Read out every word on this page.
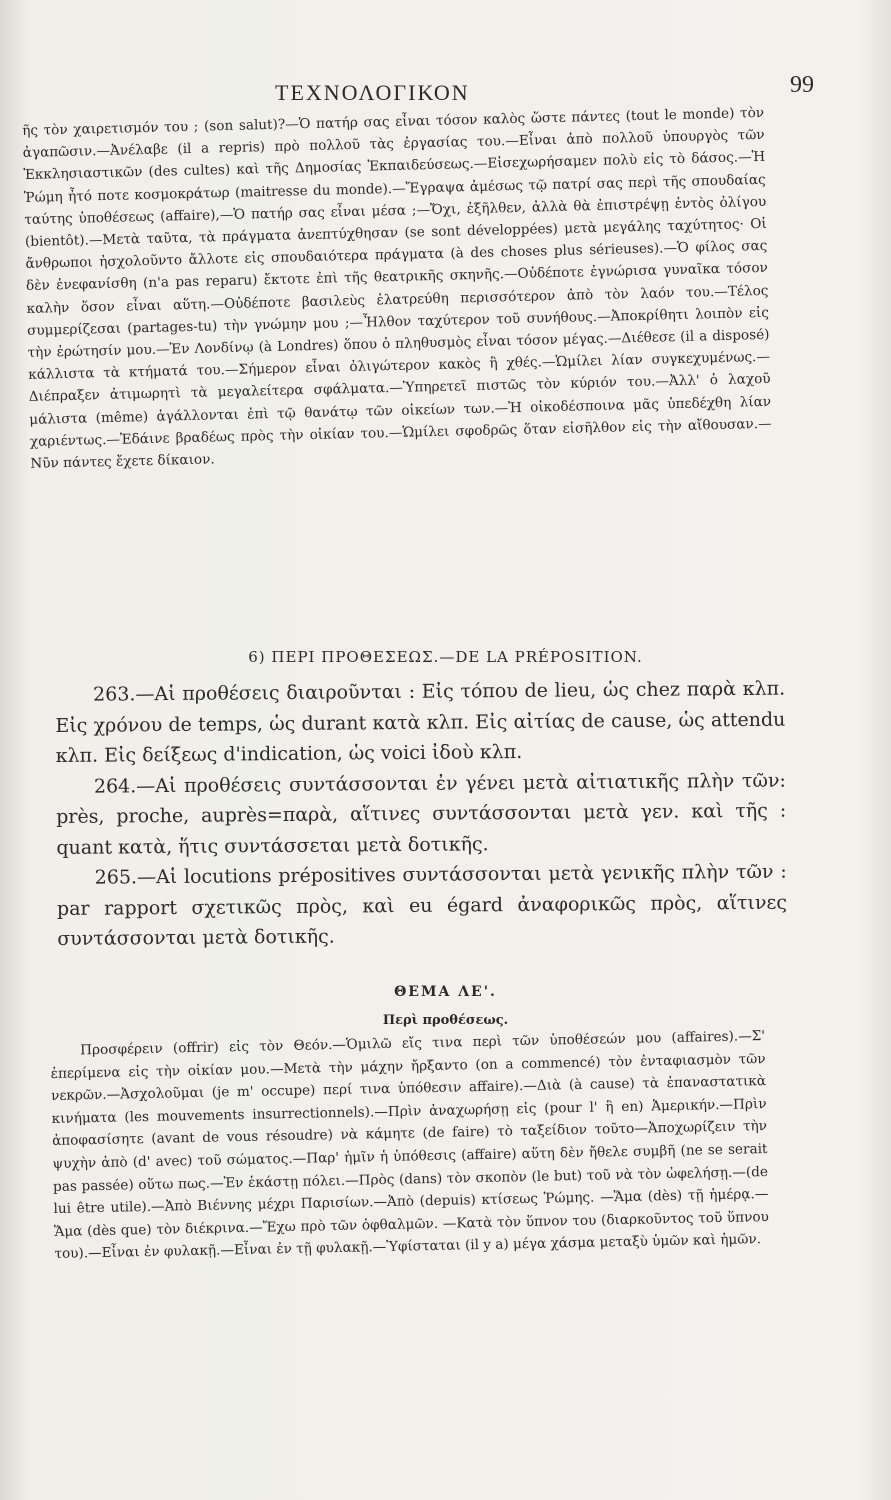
ΤΕΧΝΟΛΟΓΙΚΟΝ	99

ῆς τὸν χαιρετισμόν του ; (son salut)?—Ὁ πατήρ σας εἶναι τόσον καλὸς ὥστε πάντες (tout le monde) τὸν ἀγαπῶσιν.—Ἀνέλαβε (il a repris) πρὸ πολλοῦ τὰς ἐργασίας του.—Εἶναι ἀπὸ πολλοῦ ὑπουργὸς τῶν Ἐκκλησιαστικῶν (des cultes) καὶ τῆς Δημοσίας Ἐκπαιδεύσεως.—Εἰσεχωρήσαμεν πολὺ εἰς τὸ δάσος.—Ἡ Ῥώμη ἦτό ποτε κοσμοκράτωρ (maitresse du monde).—Ἔγραψα ἀμέσως τῷ πατρί σας περὶ τῆς σπουδαίας ταύτης ὑποθέσεως (affaire),—Ὁ πατήρ σας εἶναι μέσα ;—Ὄχι, ἐξῆλθεν, ἀλλὰ θὰ ἐπιστρέψῃ ἐντὸς ὀλίγου (bientôt).—Μετὰ ταῦτα, τὰ πράγματα ἀνεπτύχθησαν (se sont développées) μετὰ μεγάλης ταχύτητος· Οἱ ἄνθρωποι ἠσχολοῦντο ἄλλοτε εἰς σπουδαιότερα πράγματα (à des choses plus sérieuses).—Ὁ φίλος σας δὲν ἐνεφανίσθη (n'a pas reparu) ἔκτοτε ἐπὶ τῆς θεατρικῆς σκηνῆς.—Οὐδέποτε ἐγνώρισα γυναῖκα τόσον καλὴν ὅσον εἶναι αὕτη.—Οὐδέποτε βασιλεὺς ἐλατρεύθη περισσότερον ἀπὸ τὸν λαόν του.—Τέλος συμμερίζεσαι (partages-tu) τὴν γνώμην μου ;—Ἦλθον ταχύτερον τοῦ συνήθους.—Ἀποκρίθητι λοιπὸν εἰς τὴν ἐρώτησίν μου.—Ἐν Λονδίνῳ (à Londres) ὅπου ὁ πληθυσμὸς εἶναι τόσον μέγας.—Διέθεσε (il a disposé) κάλλιστα τὰ κτήματά του.—Σήμερον εἶναι ὀλιγώτερον κακὸς ἢ χθές.—Ὡμίλει λίαν συγκεχυμένως.—Διέπραξεν ἀτιμωρητὶ τὰ μεγαλείτερα σφάλματα.—Ὑπηρετεῖ πιστῶς τὸν κύριόν του.—Ἀλλ' ὁ λαχοῦ μάλιστα (même) ἀγάλλονται ἐπὶ τῷ θανάτῳ τῶν οἰκείων των.—Ἡ οἰκοδέσποινα μᾶς ὑπεδέχθη λίαν χαριέντως.—Ἐδάινε βραδέως πρὸς τὴν οἰκίαν του.—Ὡμίλει σφοδρῶς ὅταν εἰσῆλθον εἰς τὴν αἴθουσαν.—Νῦν πάντες ἔχετε δίκαιον.

6) ΠΕΡΙ ΠΡΟΘΕΣΕΩΣ.—DE LA PRÉPOSITION.

263.—Αἱ προθέσεις διαιροῦνται : Εἰς τόπου de lieu, ὡς chez παρὰ κλπ. Εἰς χρόνου de temps, ὡς durant κατὰ κλπ. Εἰς αἰτίας de cause, ὡς attendu κλπ. Εἰς δείξεως d'indication, ὡς voici ἰδοὺ κλπ.

264.—Αἱ προθέσεις συντάσσονται ἐν γένει μετὰ αἰτιατικῆς πλὴν τῶν: près, proche, auprès=παρὰ, αἵτινες συντάσσονται μετὰ γεν. καὶ τῆς : quant κατὰ, ἥτις συντάσσεται μετὰ δοτικῆς.

265.—Αἱ locutions prépositives συντάσσονται μετὰ γενικῆς πλὴν τῶν : par rapport σχετικῶς πρὸς, καὶ eu égard ἀναφορικῶς πρὸς, αἵτινες συντάσσονται μετὰ δοτικῆς.

ΘΕΜΑ ΛΕ'.
Περὶ προθέσεως.

Προσφέρειν (offrir) εἰς τὸν Θεόν.—Ὁμιλῶ εἴς τινα περὶ τῶν ὑποθέσεών μου (affaires).—Σ' ἐπερίμενα εἰς τὴν οἰκίαν μου.—Μετὰ τὴν μάχην ἤρξαντο (on a commencé) τὸν ἐνταφιασμὸν τῶν νεκρῶν.—Ἀσχολοῦμαι (je m' occupe) περί τινα ὑπόθεσιν affaire).—Διὰ (à cause) τὰ ἐπαναστατικὰ κινήματα (les mouvements insurrectionnels).—Πρὶν ἀναχωρήσῃ εἰς (pour l' ἢ en) Ἀμερικήν.—Πρὶν ἀποφασίσητε (avant de vous résoudre) νὰ κάμητε (de faire) τὸ ταξείδιον τοῦτο—Ἀποχωρίζειν τὴν ψυχὴν ἀπὸ (d' avec) τοῦ σώματος.—Παρ' ἡμῖν ἡ ὑπόθεσις (affaire) αὕτη δὲν ἤθελε συμβῆ (ne se serait pas passée) οὕτω πως.—Ἐν ἑκάστῃ πόλει.—Πρὸς (dans) τὸν σκοπὸν (le but) τοῦ νὰ τὸν ὠφελήσῃ.—(de lui être utile).—Ἀπὸ Βιέννης μέχρι Παρισίων.—Ἀπὸ (depuis) κτίσεως Ῥώμης. —Ἅμα (dès) τῇ ἡμέρᾳ.—Ἅμα (dès que) τὸν διέκρινα.—Ἔχω πρὸ τῶν ὀφθαλμῶν. —Κατὰ τὸν ὕπνον του (διαρκοῦντος τοῦ ὕπνου του).—Εἶναι ἐν φυλακῇ.—Εἶναι ἐν τῇ φυλακῇ.—Ὑφίσταται (il y a) μέγα χάσμα μεταξὺ ὑμῶν καὶ ἡμῶν.
